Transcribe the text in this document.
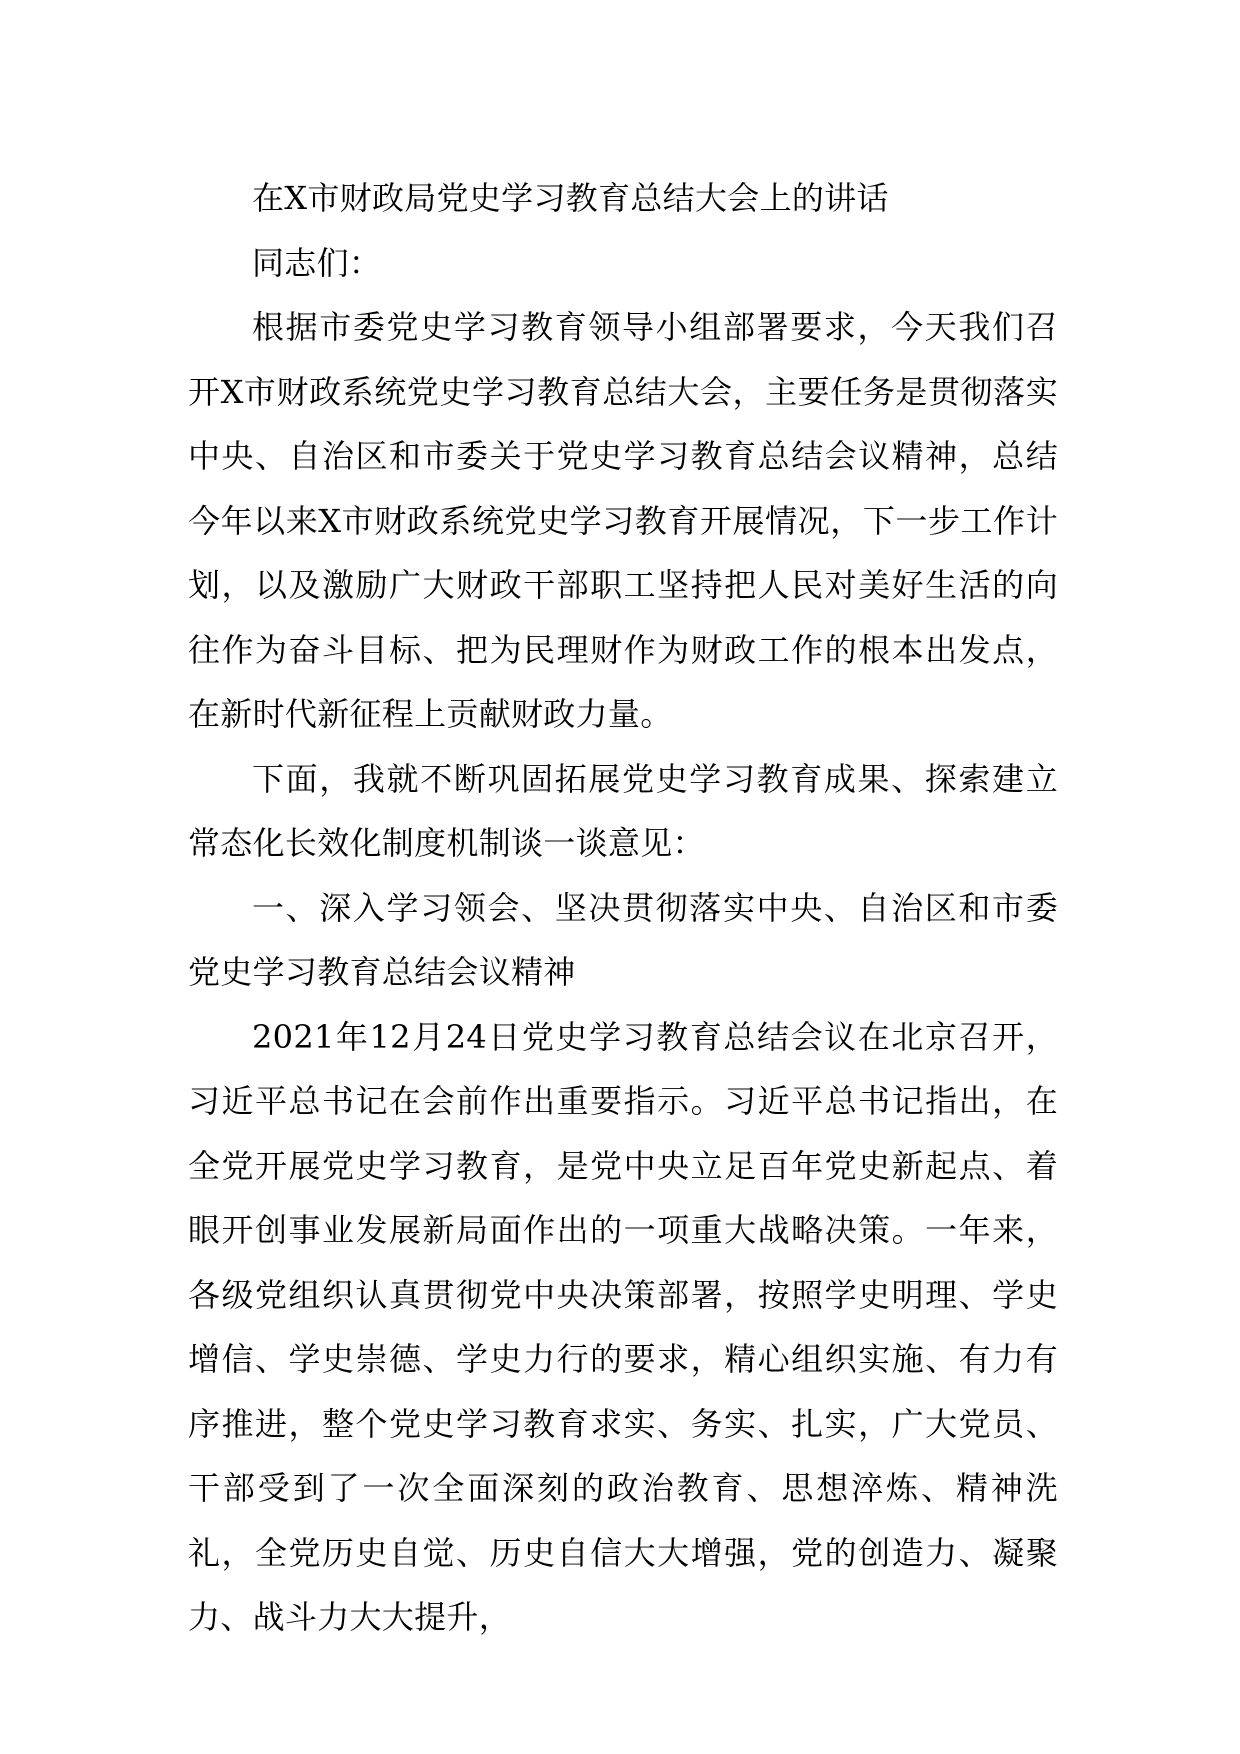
在X市财政局党史学习教育总结大会上的讲话

同志们：

根据市委党史学习教育领导小组部署要求，今天我们召开X市财政系统党史学习教育总结大会，主要任务是贯彻落实中央、自治区和市委关于党史学习教育总结会议精神，总结今年以来X市财政系统党史学习教育开展情况，下一步工作计划，以及激励广大财政干部职工坚持把人民对美好生活的向往作为奋斗目标、把为民理财作为财政工作的根本出发点，在新时代新征程上贡献财政力量。

下面，我就不断巩固拓展党史学习教育成果、探索建立常态化长效化制度机制谈一谈意见：

一、深入学习领会、坚决贯彻落实中央、自治区和市委党史学习教育总结会议精神

2021年12月24日党史学习教育总结会议在北京召开，习近平总书记在会前作出重要指示。习近平总书记指出，在全党开展党史学习教育，是党中央立足百年党史新起点、着眼开创事业发展新局面作出的一项重大战略决策。一年来，各级党组织认真贯彻党中央决策部署，按照学史明理、学史增信、学史崇德、学史力行的要求，精心组织实施、有力有序推进，整个党史学习教育求实、务实、扎实，广大党员、干部受到了一次全面深刻的政治教育、思想淬炼、精神洗礼，全党历史自觉、历史自信大大增强，党的创造力、凝聚力、战斗力大大提升，
